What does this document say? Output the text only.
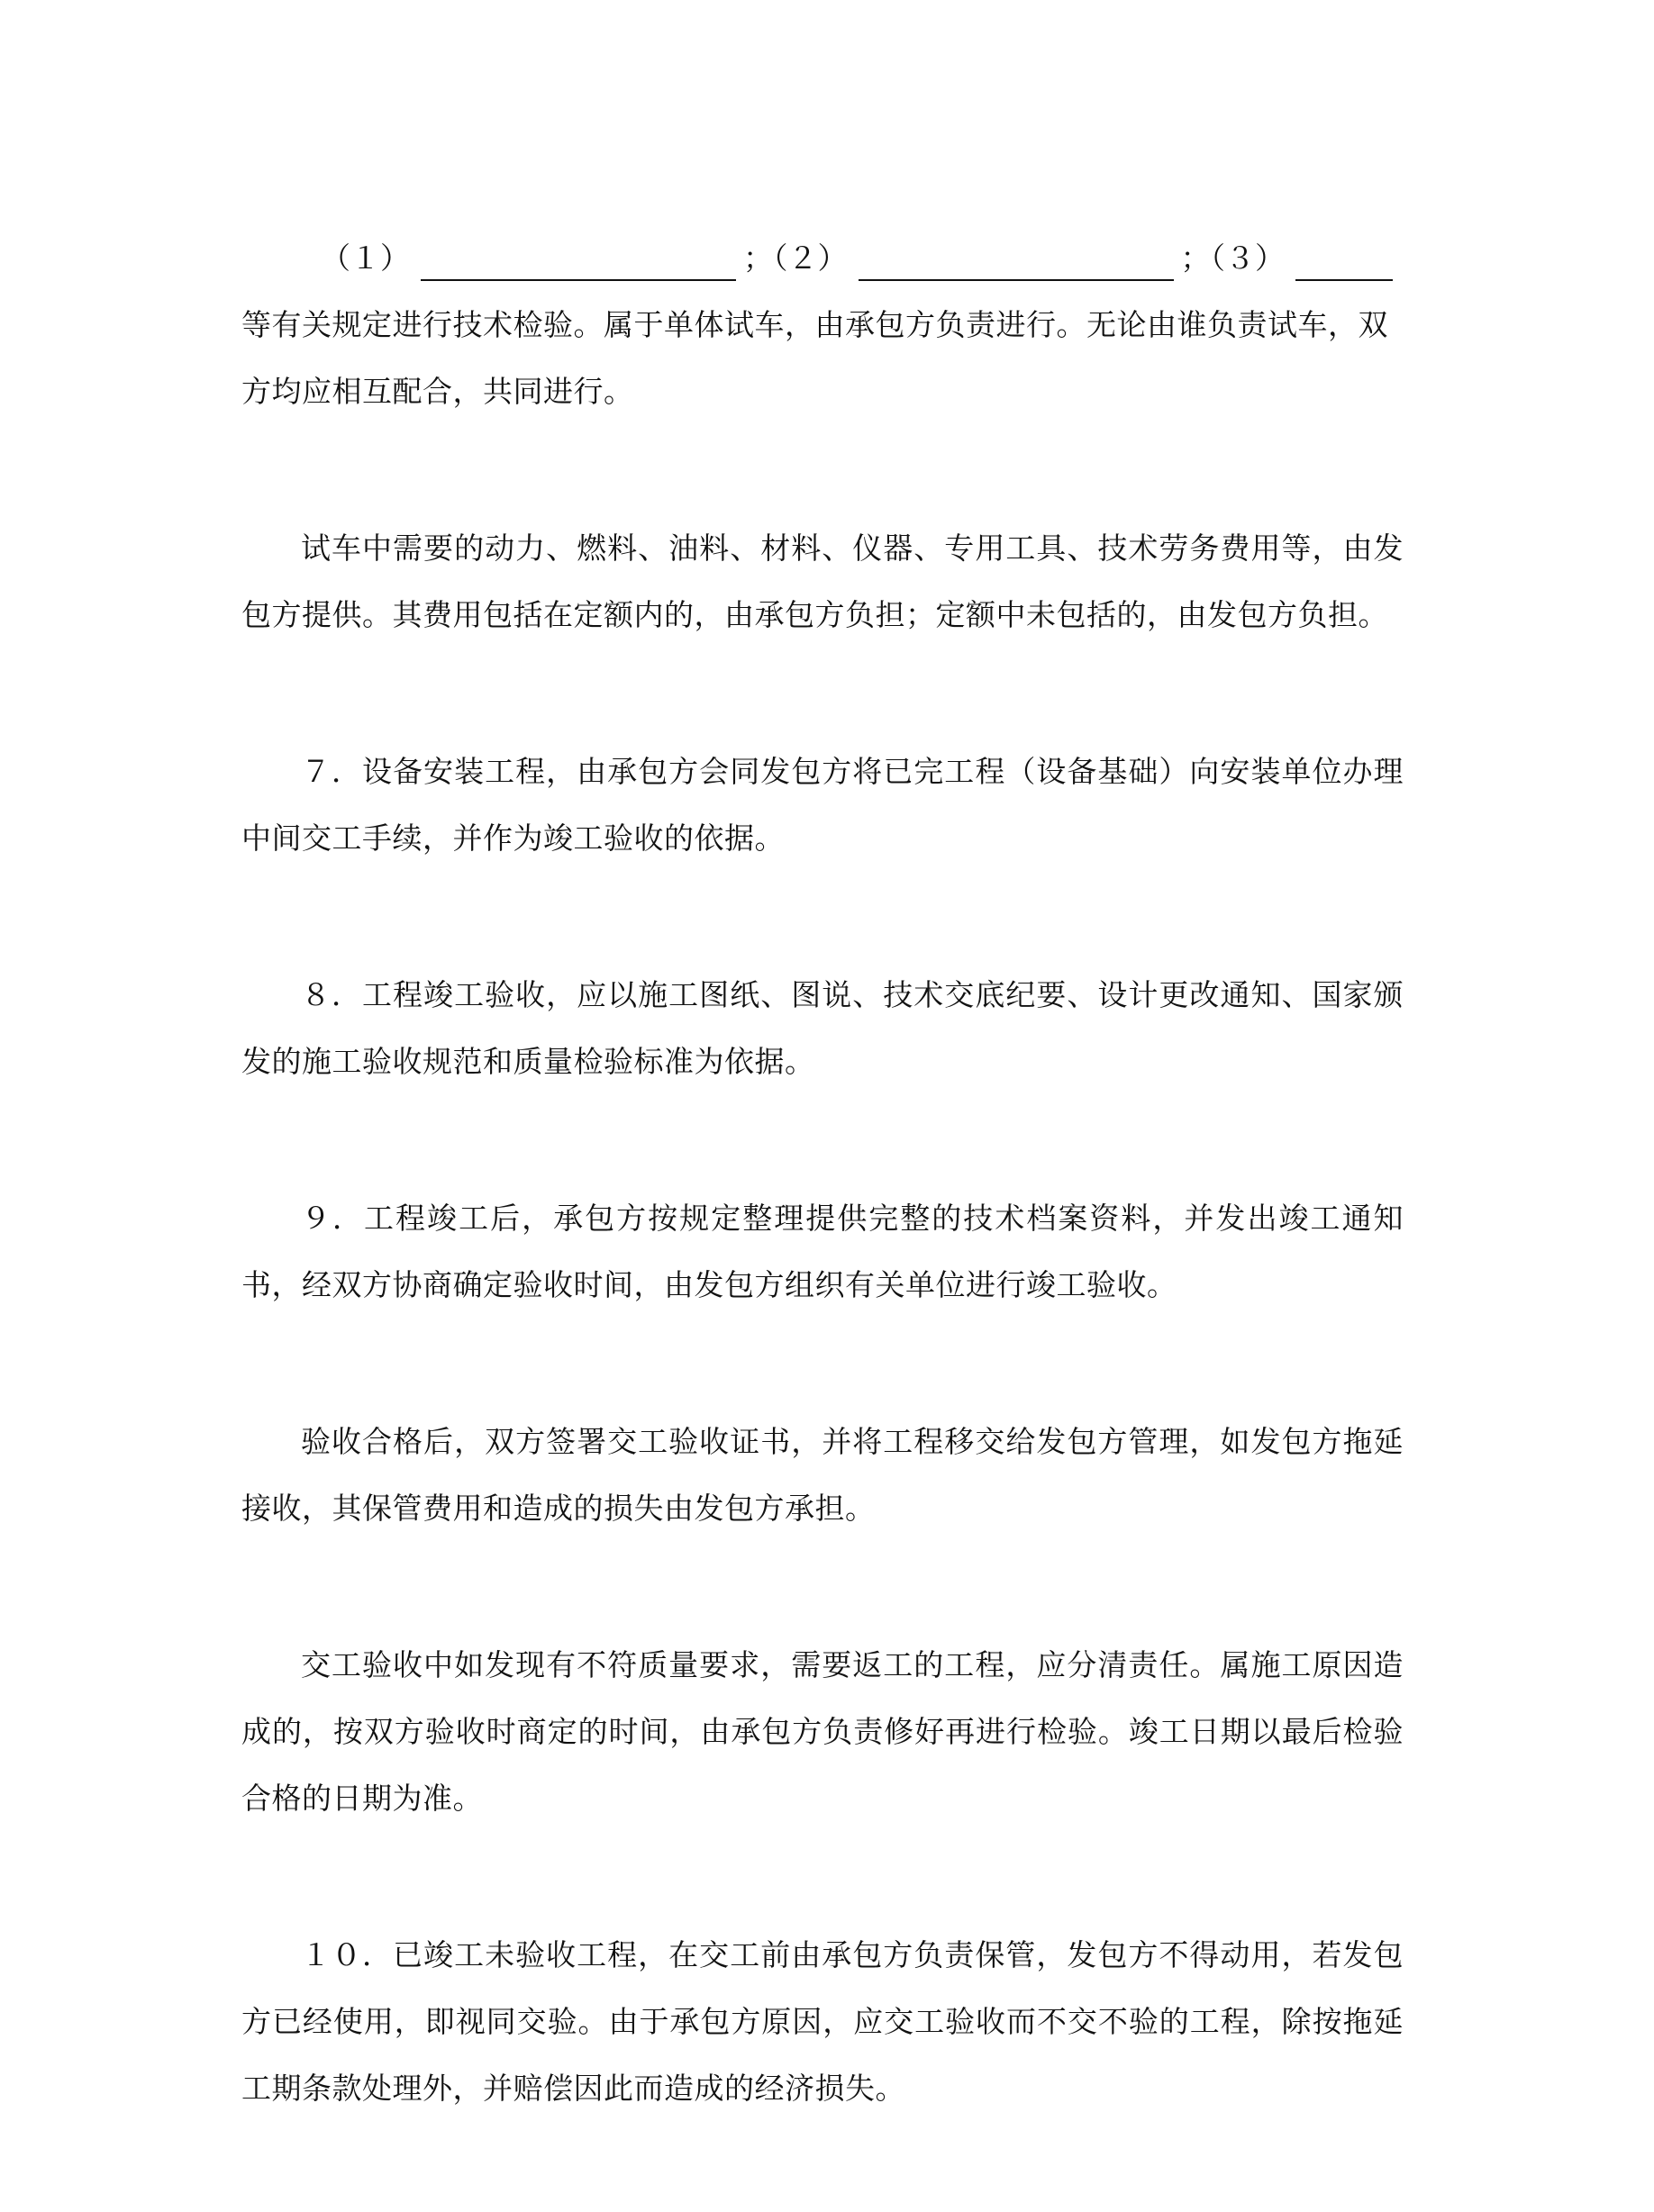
（１）	；（２）	；（３）

等有关规定进行技术检验。属于单体试车，由承包方负责进行。无论由谁负责试车，双方均应相互配合，共同进行。

试车中需要的动力、燃料、油料、材料、仪器、专用工具、技术劳务费用等，由发包方提供。其费用包括在定额内的，由承包方负担；定额中未包括的，由发包方负担。

７．设备安装工程，由承包方会同发包方将已完工程（设备基础）向安装单位办理中间交工手续，并作为竣工验收的依据。

８．工程竣工验收，应以施工图纸、图说、技术交底纪要、设计更改通知、国家颁发的施工验收规范和质量检验标准为依据。

９．工程竣工后，承包方按规定整理提供完整的技术档案资料，并发出竣工通知书，经双方协商确定验收时间，由发包方组织有关单位进行竣工验收。

验收合格后，双方签署交工验收证书，并将工程移交给发包方管理，如发包方拖延接收，其保管费用和造成的损失由发包方承担。

交工验收中如发现有不符质量要求，需要返工的工程，应分清责任。属施工原因造成的，按双方验收时商定的时间，由承包方负责修好再进行检验。竣工日期以最后检验合格的日期为准。

１０．已竣工未验收工程，在交工前由承包方负责保管，发包方不得动用，若发包方已经使用，即视同交验。由于承包方原因，应交工验收而不交不验的工程，除按拖延工期条款处理外，并赔偿因此而造成的经济损失。
